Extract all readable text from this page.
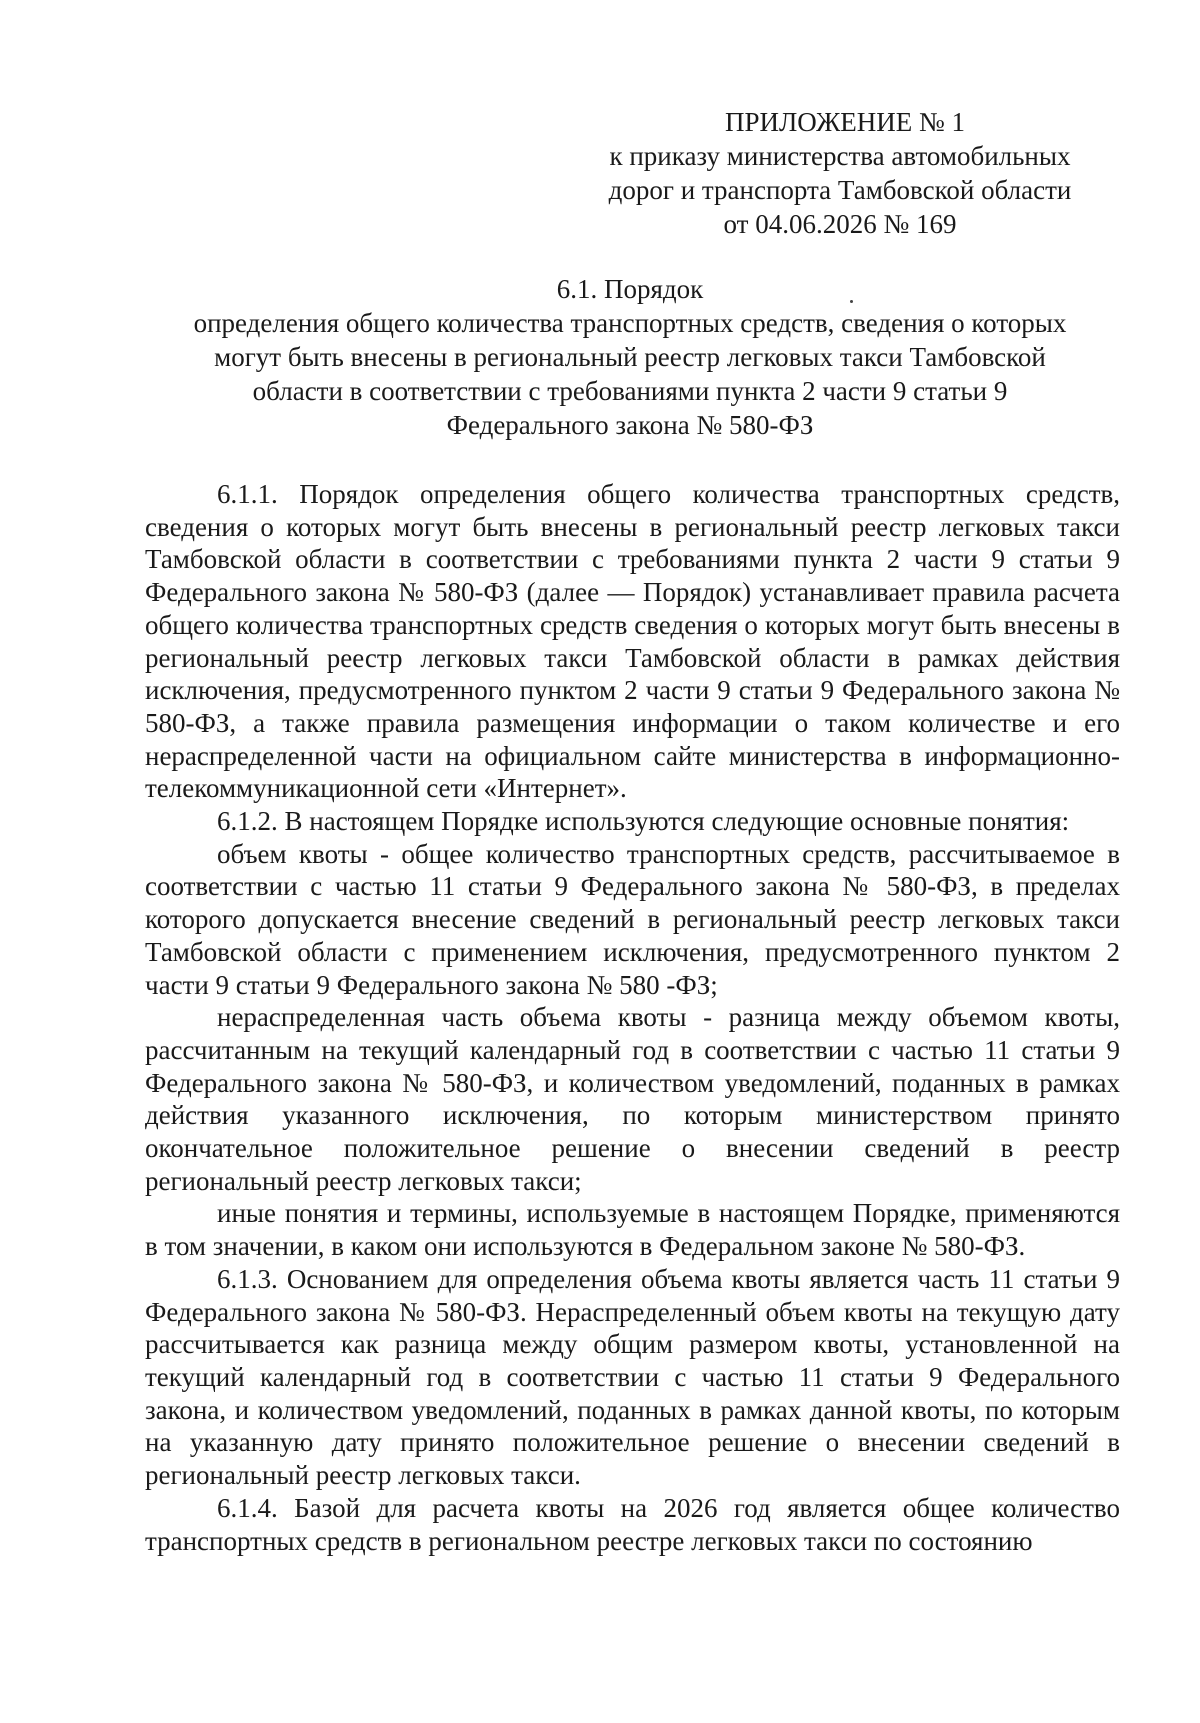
ПРИЛОЖЕНИЕ № 1
к приказу министерства автомобильных
дорог и транспорта Тамбовской области
от 04.06.2026 № 169
6.1. Порядок
определения общего количества транспортных средств, сведения о которых
могут быть внесены в региональный реестр легковых такси Тамбовской
области в соответствии с требованиями пункта 2 части 9 статьи 9
Федерального закона № 580-ФЗ

6.1.1. Порядок определения общего количества транспортных средств, сведения о которых могут быть внесены в региональный реестр легковых такси Тамбовской области в соответствии с требованиями пункта 2 части 9 статьи 9 Федерального закона № 580-ФЗ (далее — Порядок) устанавливает правила расчета общего количества транспортных средств сведения о которых могут быть внесены в региональный реестр легковых такси Тамбовской области в рамках действия исключения, предусмотренного пунктом 2 части 9 статьи 9 Федерального закона № 580-ФЗ, а также правила размещения информации о таком количестве и его нераспределенной части на официальном сайте министерства в информационно-телекоммуникационной сети «Интернет».

6.1.2. В настоящем Порядке используются следующие основные понятия:

объем квоты - общее количество транспортных средств, рассчитываемое в соответствии с частью 11 статьи 9 Федерального закона № 580-ФЗ, в пределах которого допускается внесение сведений в региональный реестр легковых такси Тамбовской области с применением исключения, предусмотренного пунктом 2 части 9 статьи 9 Федерального закона № 580 -ФЗ;

нераспределенная часть объема квоты - разница между объемом квоты, рассчитанным на текущий календарный год в соответствии с частью 11 статьи 9 Федерального закона № 580-ФЗ, и количеством уведомлений, поданных в рамках действия указанного исключения, по которым министерством принято окончательное положительное решение о внесении сведений в реестр региональный реестр легковых такси;

иные понятия и термины, используемые в настоящем Порядке, применяются в том значении, в каком они используются в Федеральном законе № 580-ФЗ.

6.1.3. Основанием для определения объема квоты является часть 11 статьи 9 Федерального закона № 580-ФЗ. Нераспределенный объем квоты на текущую дату рассчитывается как разница между общим размером квоты, установленной на текущий календарный год в соответствии с частью 11 статьи 9 Федерального закона, и количеством уведомлений, поданных в рамках данной квоты, по которым на указанную дату принято положительное решение о внесении сведений в региональный реестр легковых такси.

6.1.4. Базой для расчета квоты на 2026 год является общее количество транспортных средств в региональном реестре легковых такси по состоянию
